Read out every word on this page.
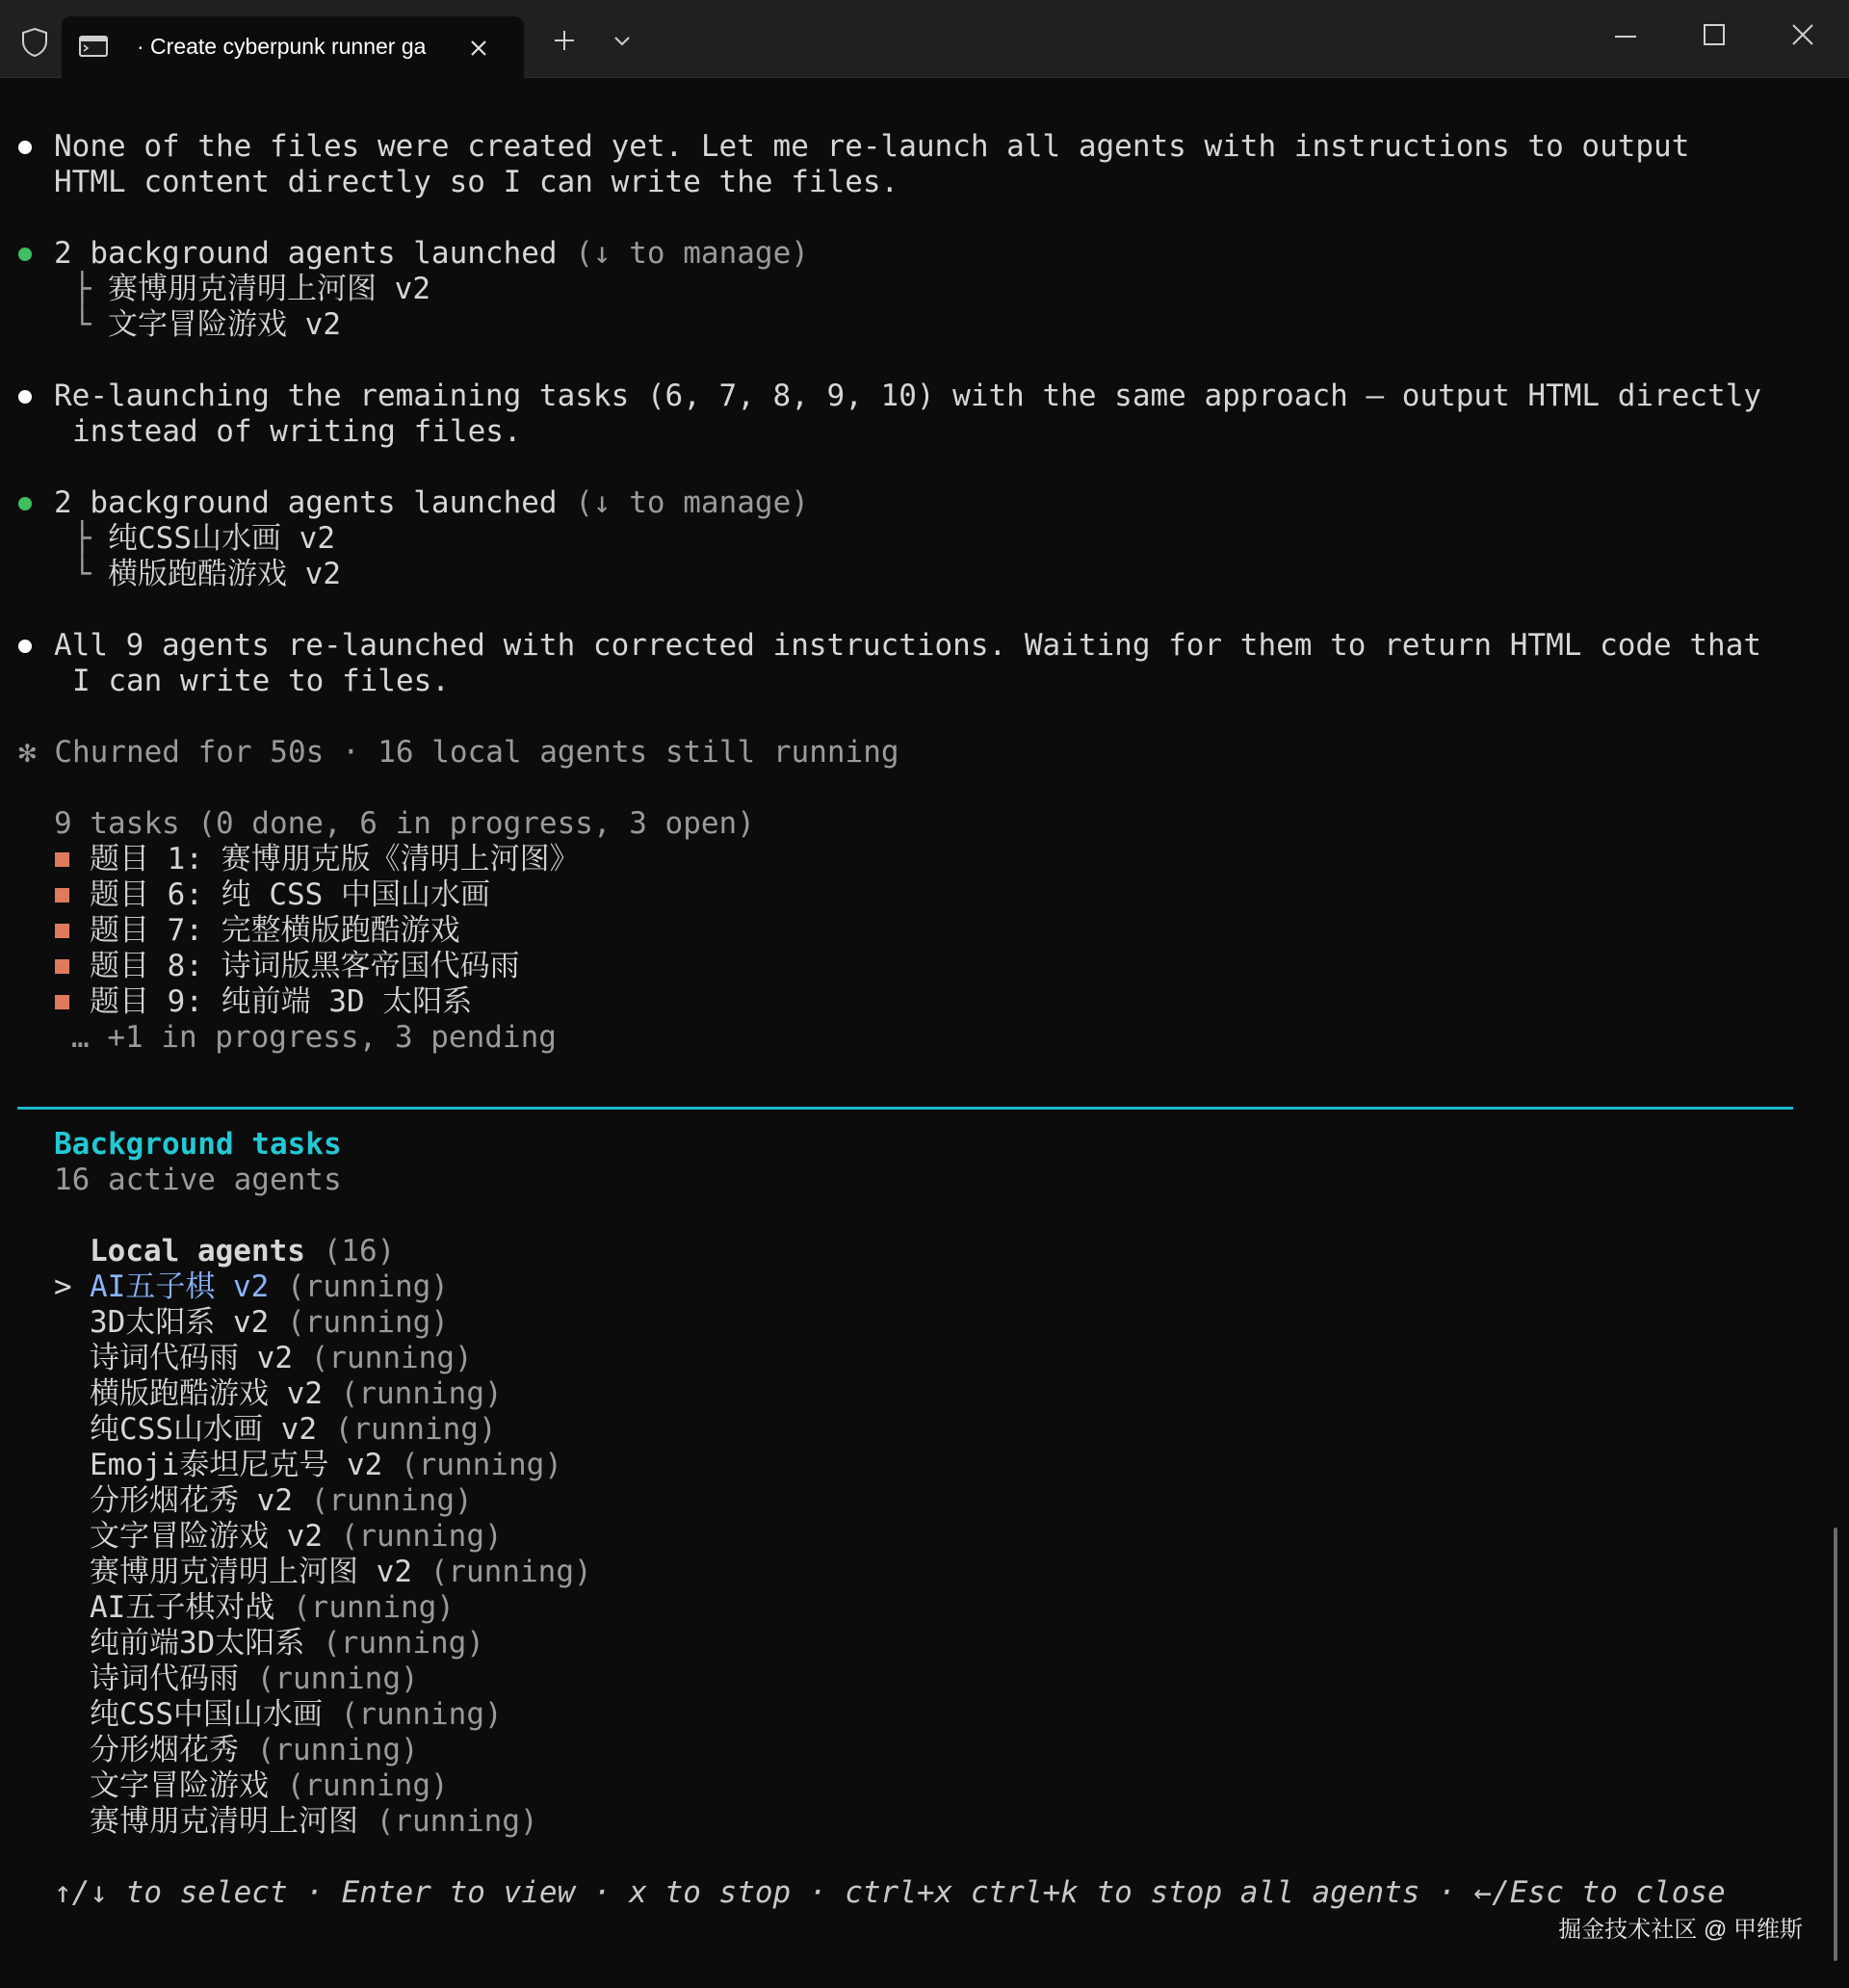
· Create cyberpunk runner ga
None of the files were created yet. Let me re-launch all agents with instructions to output
HTML content directly so I can write the files.
2 background agents launched (↓ to manage)
├ 赛博朋克清明上河图 v2
└ 文字冒险游戏 v2
Re-launching the remaining tasks (6, 7, 8, 9, 10) with the same approach — output HTML directly
instead of writing files.
2 background agents launched (↓ to manage)
├ 纯CSS山水画 v2
└ 横版跑酷游戏 v2
All 9 agents re-launched with corrected instructions. Waiting for them to return HTML code that
I can write to files.
✻ Churned for 50s · 16 local agents still running
9 tasks (0 done, 6 in progress, 3 open)
题目 1: 赛博朋克版《清明上河图》
题目 6: 纯 CSS 中国山水画
题目 7: 完整横版跑酷游戏
题目 8: 诗词版黑客帝国代码雨
题目 9: 纯前端 3D 太阳系
… +1 in progress, 3 pending
Background tasks
16 active agents
Local agents (16)
> AI五子棋 v2 (running)
3D太阳系 v2 (running)
诗词代码雨 v2 (running)
横版跑酷游戏 v2 (running)
纯CSS山水画 v2 (running)
Emoji泰坦尼克号 v2 (running)
分形烟花秀 v2 (running)
文字冒险游戏 v2 (running)
赛博朋克清明上河图 v2 (running)
AI五子棋对战 (running)
纯前端3D太阳系 (running)
诗词代码雨 (running)
纯CSS中国山水画 (running)
分形烟花秀 (running)
文字冒险游戏 (running)
赛博朋克清明上河图 (running)
↑/↓ to select · Enter to view · x to stop · ctrl+x ctrl+k to stop all agents · ←/Esc to close
掘金技术社区 @ 甲维斯
